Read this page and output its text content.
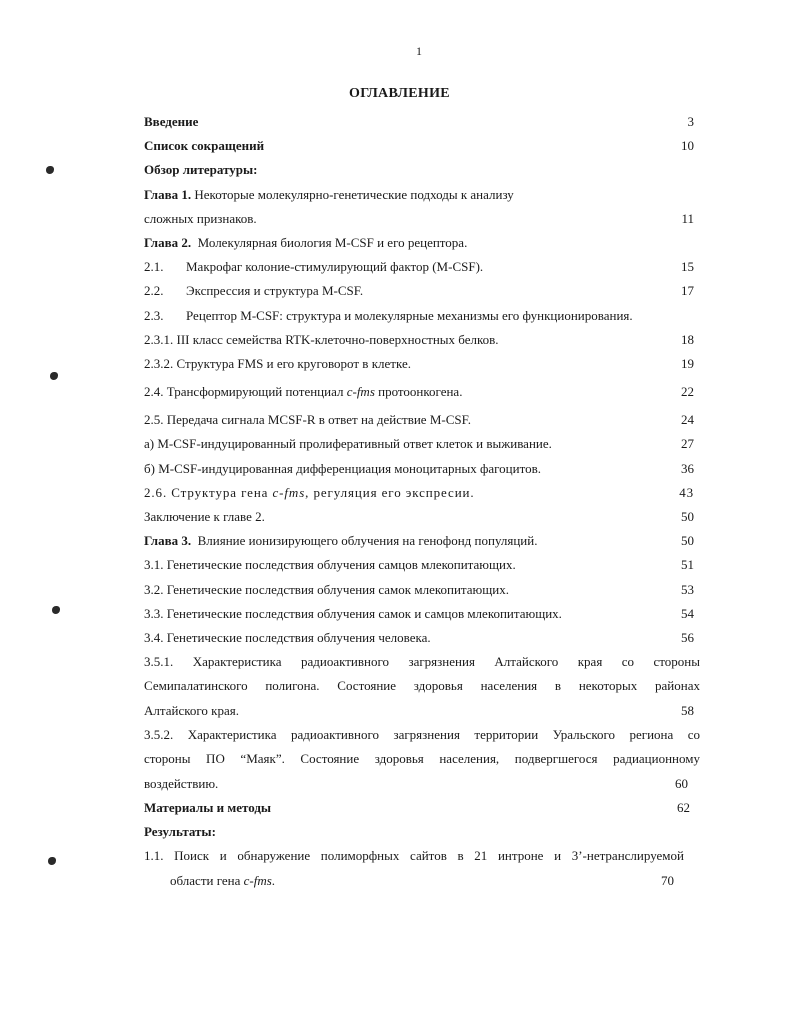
1
ОГЛАВЛЕНИЕ
Введение	3
Список сокращений	10
Обзор литературы:
Глава 1. Некоторые молекулярно-генетические подходы к анализу
сложных признаков.	11
Глава 2. Молекулярная биология M-CSF и его рецептора.
2.1. Макрофаг колоние-стимулирующий фактор (M-CSF).	15
2.2. Экспрессия и структура M-CSF.	17
2.3. Рецептор M-CSF: структура и молекулярные механизмы его функционирования.
2.3.1. III класс семейства RTK-клеточно-поверхностных белков.	18
2.3.2. Структура FMS и его круговорот в клетке.	19
2.4. Трансформирующий потенциал c-fms протоонкогена.	22
2.5. Передача сигнала MCSF-R в ответ на действие M-CSF.	24
а) M-CSF-индуцированный пролиферативный ответ клеток и выживание.	27
б) M-CSF-индуцированная дифференциация моноцитарных фагоцитов.	36
2.6. Структура гена c-fms, регуляция его экспресии.	43
Заключение к главе 2.	50
Глава 3. Влияние ионизирующего облучения на генофонд популяций.	50
3.1. Генетические последствия облучения самцов млекопитающих.	51
3.2. Генетические последствия облучения самок млекопитающих.	53
3.3. Генетические последствия облучения самок и самцов млекопитающих.	54
3.4. Генетические последствия облучения человека.	56
3.5.1. Характеристика радиоактивного загрязнения Алтайского края со стороны
Семипалатинского полигона. Состояние здоровья населения в некоторых районах
Алтайского края.	58
3.5.2. Характеристика радиоактивного загрязнения территории Уральского региона со
стороны ПО “Маяк”. Состояние здоровья населения, подвергшегося радиационному
воздействию.	60
Материалы и методы	62
Результаты:
1.1. Поиск и обнаружение полиморфных сайтов в 21 интроне и 3’-нетранслируемой
области гена c-fms.	70
